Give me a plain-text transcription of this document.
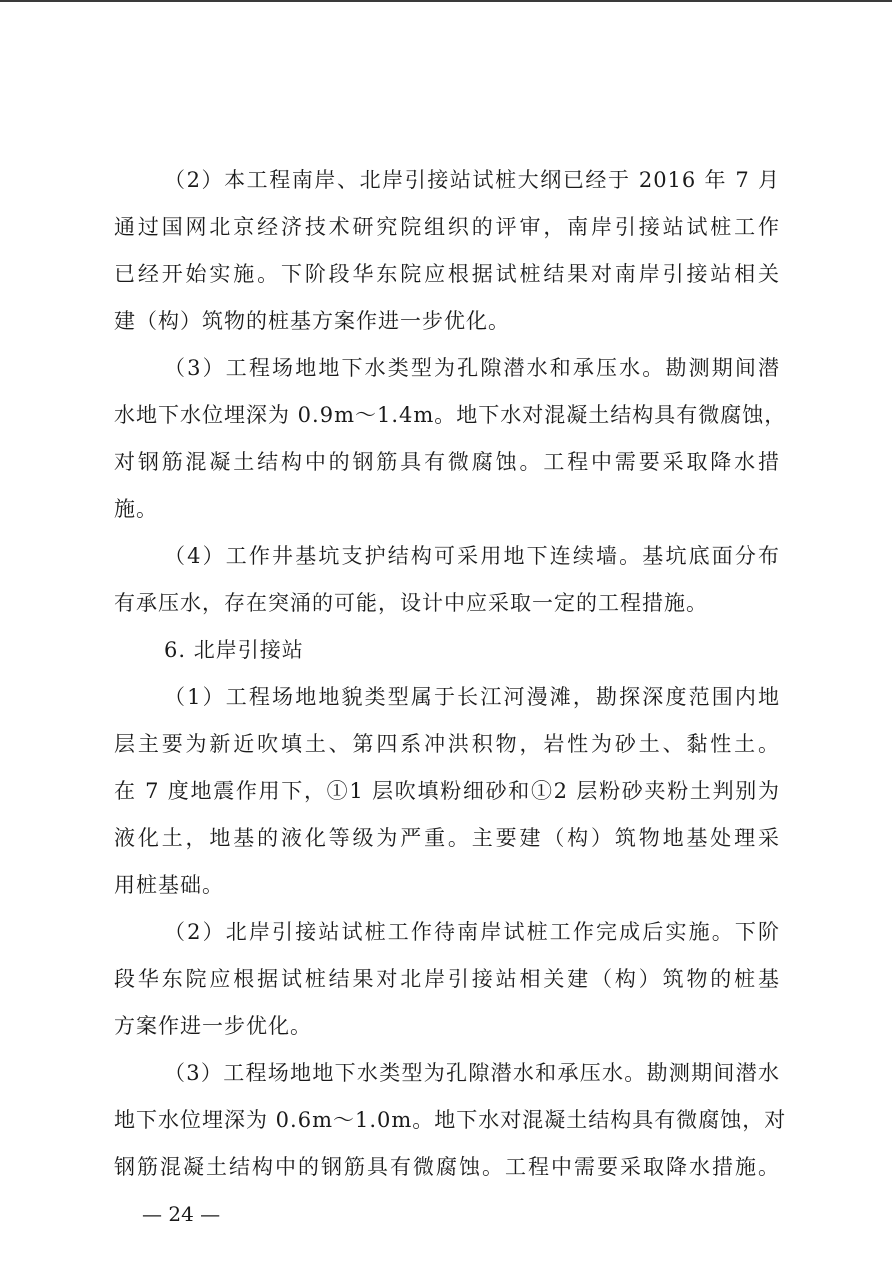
（2）本工程南岸、北岸引接站试桩大纲已经于 2016 年 7 月
通过国网北京经济技术研究院组织的评审，南岸引接站试桩工作
已经开始实施。下阶段华东院应根据试桩结果对南岸引接站相关
建（构）筑物的桩基方案作进一步优化。
（3）工程场地地下水类型为孔隙潜水和承压水。勘测期间潜
水地下水位埋深为 0.9m～1.4m。地下水对混凝土结构具有微腐蚀，
对钢筋混凝土结构中的钢筋具有微腐蚀。工程中需要采取降水措
施。
（4）工作井基坑支护结构可采用地下连续墙。基坑底面分布
有承压水，存在突涌的可能，设计中应采取一定的工程措施。
6. 北岸引接站
（1）工程场地地貌类型属于长江河漫滩，勘探深度范围内地
层主要为新近吹填土、第四系冲洪积物，岩性为砂土、黏性土。
在 7 度地震作用下，①1 层吹填粉细砂和①2 层粉砂夹粉土判别为
液化土，地基的液化等级为严重。主要建（构）筑物地基处理采
用桩基础。
（2）北岸引接站试桩工作待南岸试桩工作完成后实施。下阶
段华东院应根据试桩结果对北岸引接站相关建（构）筑物的桩基
方案作进一步优化。
（3）工程场地地下水类型为孔隙潜水和承压水。勘测期间潜水
地下水位埋深为 0.6m～1.0m。地下水对混凝土结构具有微腐蚀，对
钢筋混凝土结构中的钢筋具有微腐蚀。工程中需要采取降水措施。
— 24 —
